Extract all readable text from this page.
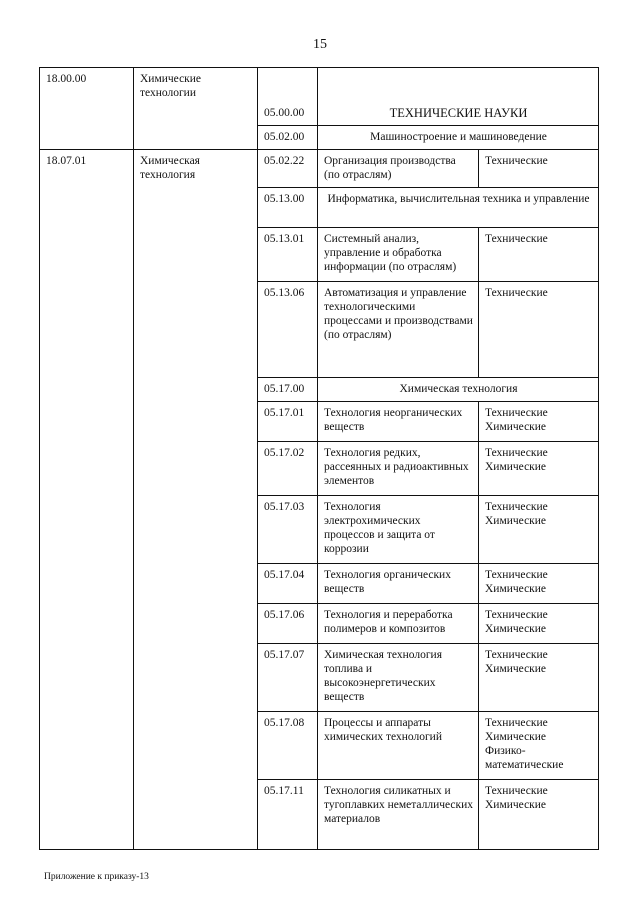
15
18.00.00	Химические технологии			
		05.00.00	ТЕХНИЧЕСКИЕ НАУКИ	
		05.02.00	Машиностроение и машиноведение	
18.07.01	Химическая технология	05.02.22	Организация производства (по отраслям)	Технические

		05.13.00	Информатика, вычислительная техника и управление	
		05.13.01	Системный анализ, управление и обработка информации (по отраслям)	Технические

		05.13.06	Автоматизация и управление технологическими процессами и производствами (по отраслям)	Технические

		05.17.00	Химическая технология	
		05.17.01	Технология неорганических веществ	Технические
Химические

		05.17.02	Технология редких, рассеянных и радиоактивных элементов	Технические
Химические

		05.17.03	Технология электрохимических процессов и защита от коррозии	Технические
Химические

		05.17.04	Технология органических веществ	Технические
Химические

		05.17.06	Технология и переработка полимеров и композитов	Технические
Химические

		05.17.07	Химическая технология топлива и высокоэнергетических веществ	Технические
Химические

		05.17.08	Процессы и аппараты химических технологий	Технические
Химические
Физико-математические

		05.17.11	Технология силикатных и тугоплавких неметаллических материалов	Технические
Химические
Приложение к приказу-13
